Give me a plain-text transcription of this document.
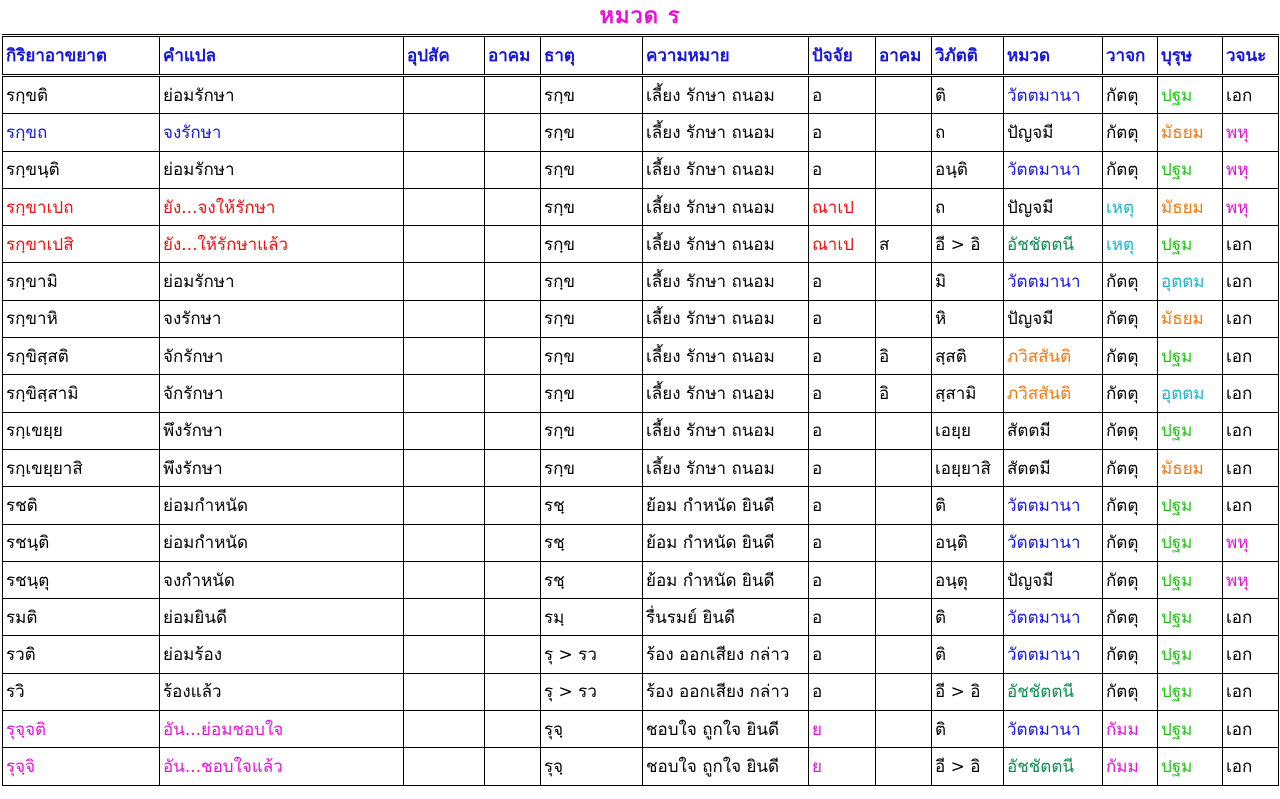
หมวด ร
กิริยาอาขยาต	คำแปล	อุปสัค	อาคม	ธาตุ	ความหมาย	ปัจจัย	อาคม	วิภัตติ	หมวด	วาจก	บุรุษ	วจนะ
รกฺขติ	ย่อมรักษา			รกฺข	เลี้ยง รักษา ถนอม	อ		ติ	วัตตมานา	กัตตุ	ปฐม	เอก
รกฺขถ	จงรักษา			รกฺข	เลี้ยง รักษา ถนอม	อ		ถ	ปัญจมี	กัตตุ	มัธยม	พหุ
รกฺขนฺติ	ย่อมรักษา			รกฺข	เลี้ยง รักษา ถนอม	อ		อนฺติ	วัตตมานา	กัตตุ	ปฐม	พหุ
รกฺขาเปถ	ยัง...จงให้รักษา			รกฺข	เลี้ยง รักษา ถนอม	ณาเป		ถ	ปัญจมี	เหตุ	มัธยม	พหุ
รกฺขาเปสิ	ยัง...ให้รักษาแล้ว			รกฺข	เลี้ยง รักษา ถนอม	ณาเป	ส	อี > อิ	อัชชัตตนี	เหตุ	ปฐม	เอก
รกฺขามิ	ย่อมรักษา			รกฺข	เลี้ยง รักษา ถนอม	อ		มิ	วัตตมานา	กัตตุ	อุตตม	เอก
รกฺขาหิ	จงรักษา			รกฺข	เลี้ยง รักษา ถนอม	อ		หิ	ปัญจมี	กัตตุ	มัธยม	เอก
รกฺขิสฺสติ	จักรักษา			รกฺข	เลี้ยง รักษา ถนอม	อ	อิ	สฺสติ	ภวิสสันติ	กัตตุ	ปฐม	เอก
รกฺขิสฺสามิ	จักรักษา			รกฺข	เลี้ยง รักษา ถนอม	อ	อิ	สฺสามิ	ภวิสสันติ	กัตตุ	อุตตม	เอก
รกฺเขยฺย	พึงรักษา			รกฺข	เลี้ยง รักษา ถนอม	อ		เอยฺย	สัตตมี	กัตตุ	ปฐม	เอก
รกฺเขยฺยาสิ	พึงรักษา			รกฺข	เลี้ยง รักษา ถนอม	อ		เอยฺยาสิ	สัตตมี	กัตตุ	มัธยม	เอก
รชติ	ย่อมกำหนัด			รชฺ	ย้อม กำหนัด ยินดี	อ		ติ	วัตตมานา	กัตตุ	ปฐม	เอก
รชนฺติ	ย่อมกำหนัด			รชฺ	ย้อม กำหนัด ยินดี	อ		อนฺติ	วัตตมานา	กัตตุ	ปฐม	พหุ
รชนฺตุ	จงกำหนัด			รชฺ	ย้อม กำหนัด ยินดี	อ		อนฺตุ	ปัญจมี	กัตตุ	ปฐม	พหุ
รมติ	ย่อมยินดี			รมฺ	รื่นรมย์ ยินดี	อ		ติ	วัตตมานา	กัตตุ	ปฐม	เอก
รวติ	ย่อมร้อง			รุ > รว	ร้อง ออกเสียง กล่าว	อ		ติ	วัตตมานา	กัตตุ	ปฐม	เอก
รวิ	ร้องแล้ว			รุ > รว	ร้อง ออกเสียง กล่าว	อ		อี > อิ	อัชชัตตนี	กัตตุ	ปฐม	เอก
รุจฺจติ	อัน...ย่อมชอบใจ			รุจฺ	ชอบใจ ถูกใจ ยินดี	ย		ติ	วัตตมานา	กัมม	ปฐม	เอก
รุจฺจิ	อัน...ชอบใจแล้ว			รุจฺ	ชอบใจ ถูกใจ ยินดี	ย		อี > อิ	อัชชัตตนี	กัมม	ปฐม	เอก
